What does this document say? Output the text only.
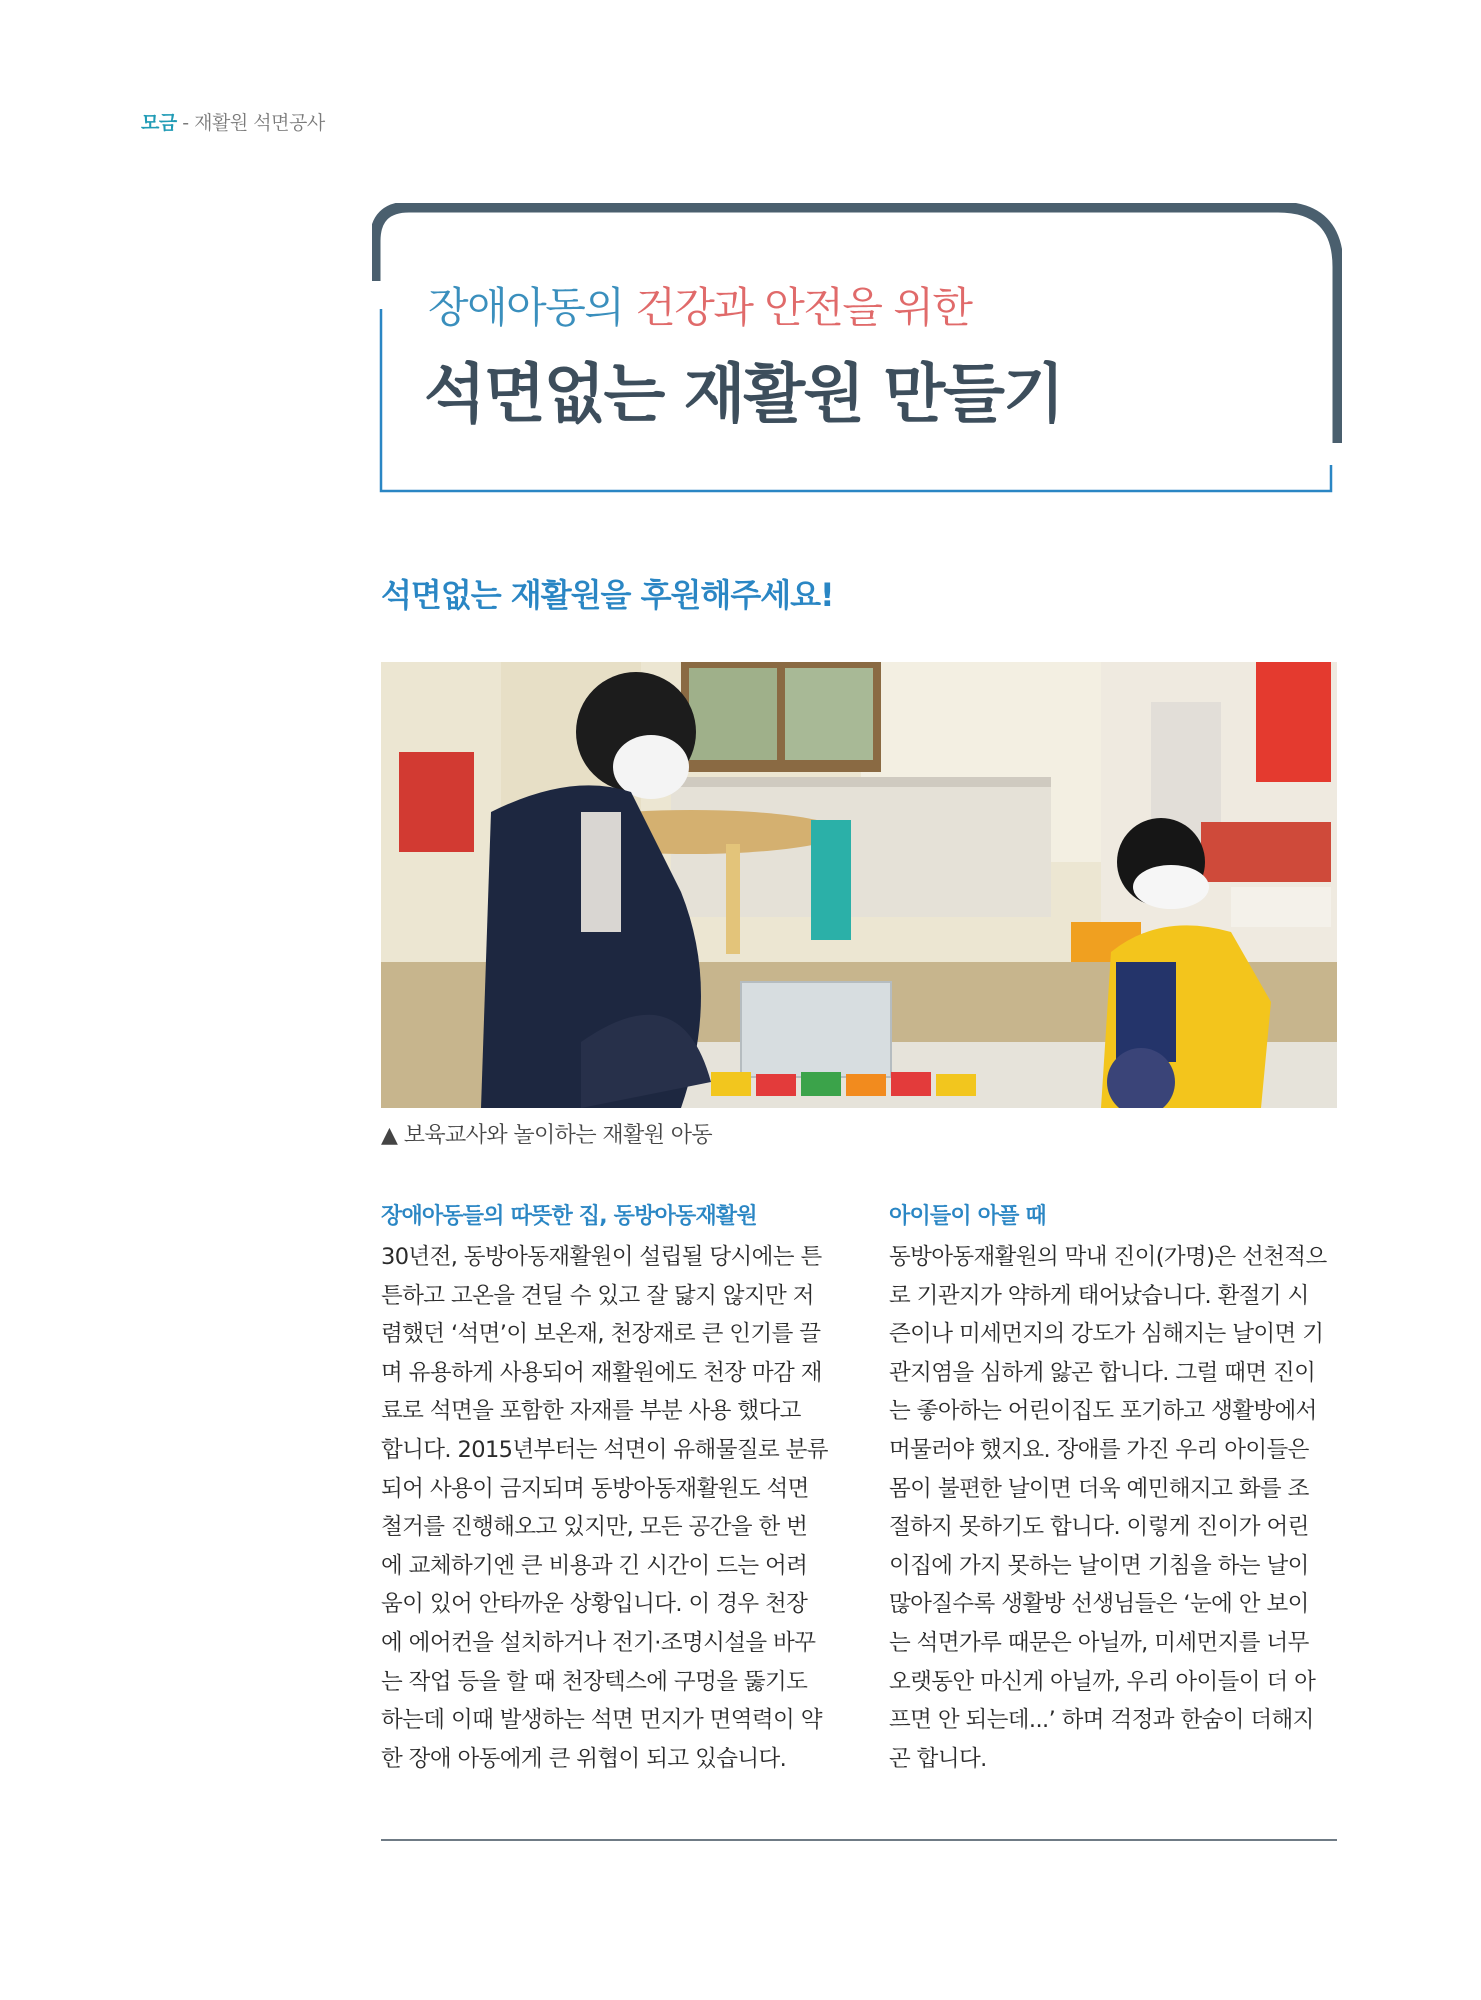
모금 - 재활원 석면공사
장애아동의 건강과 안전을 위한
석면없는 재활원 만들기
석면없는 재활원을 후원해주세요!
▲ 보육교사와 놀이하는 재활원 아동
장애아동들의 따뜻한 집, 동방아동재활원
30년전, 동방아동재활원이 설립될 당시에는 튼
튼하고 고온을 견딜 수 있고 잘 닳지 않지만 저
렴했던 ‘석면’이 보온재, 천장재로 큰 인기를 끌
며 유용하게 사용되어 재활원에도 천장 마감 재
료로 석면을 포함한 자재를 부분 사용 했다고
합니다. 2015년부터는 석면이 유해물질로 분류
되어 사용이 금지되며 동방아동재활원도 석면
철거를 진행해오고 있지만, 모든 공간을 한 번
에 교체하기엔 큰 비용과 긴 시간이 드는 어려
움이 있어 안타까운 상황입니다. 이 경우 천장
에 에어컨을 설치하거나 전기·조명시설을 바꾸
는 작업 등을 할 때 천장텍스에 구멍을 뚫기도
하는데 이때 발생하는 석면 먼지가 면역력이 약
한 장애 아동에게 큰 위협이 되고 있습니다.
아이들이 아플 때
동방아동재활원의 막내 진이(가명)은 선천적으
로 기관지가 약하게 태어났습니다. 환절기 시
즌이나 미세먼지의 강도가 심해지는 날이면 기
관지염을 심하게 앓곤 합니다. 그럴 때면 진이
는 좋아하는 어린이집도 포기하고 생활방에서
머물러야 했지요. 장애를 가진 우리 아이들은
몸이 불편한 날이면 더욱 예민해지고 화를 조
절하지 못하기도 합니다. 이렇게 진이가 어린
이집에 가지 못하는 날이면 기침을 하는 날이
많아질수록 생활방 선생님들은 ‘눈에 안 보이
는 석면가루 때문은 아닐까, 미세먼지를 너무
오랫동안 마신게 아닐까, 우리 아이들이 더 아
프면 안 되는데...’ 하며 걱정과 한숨이 더해지
곤 합니다.
